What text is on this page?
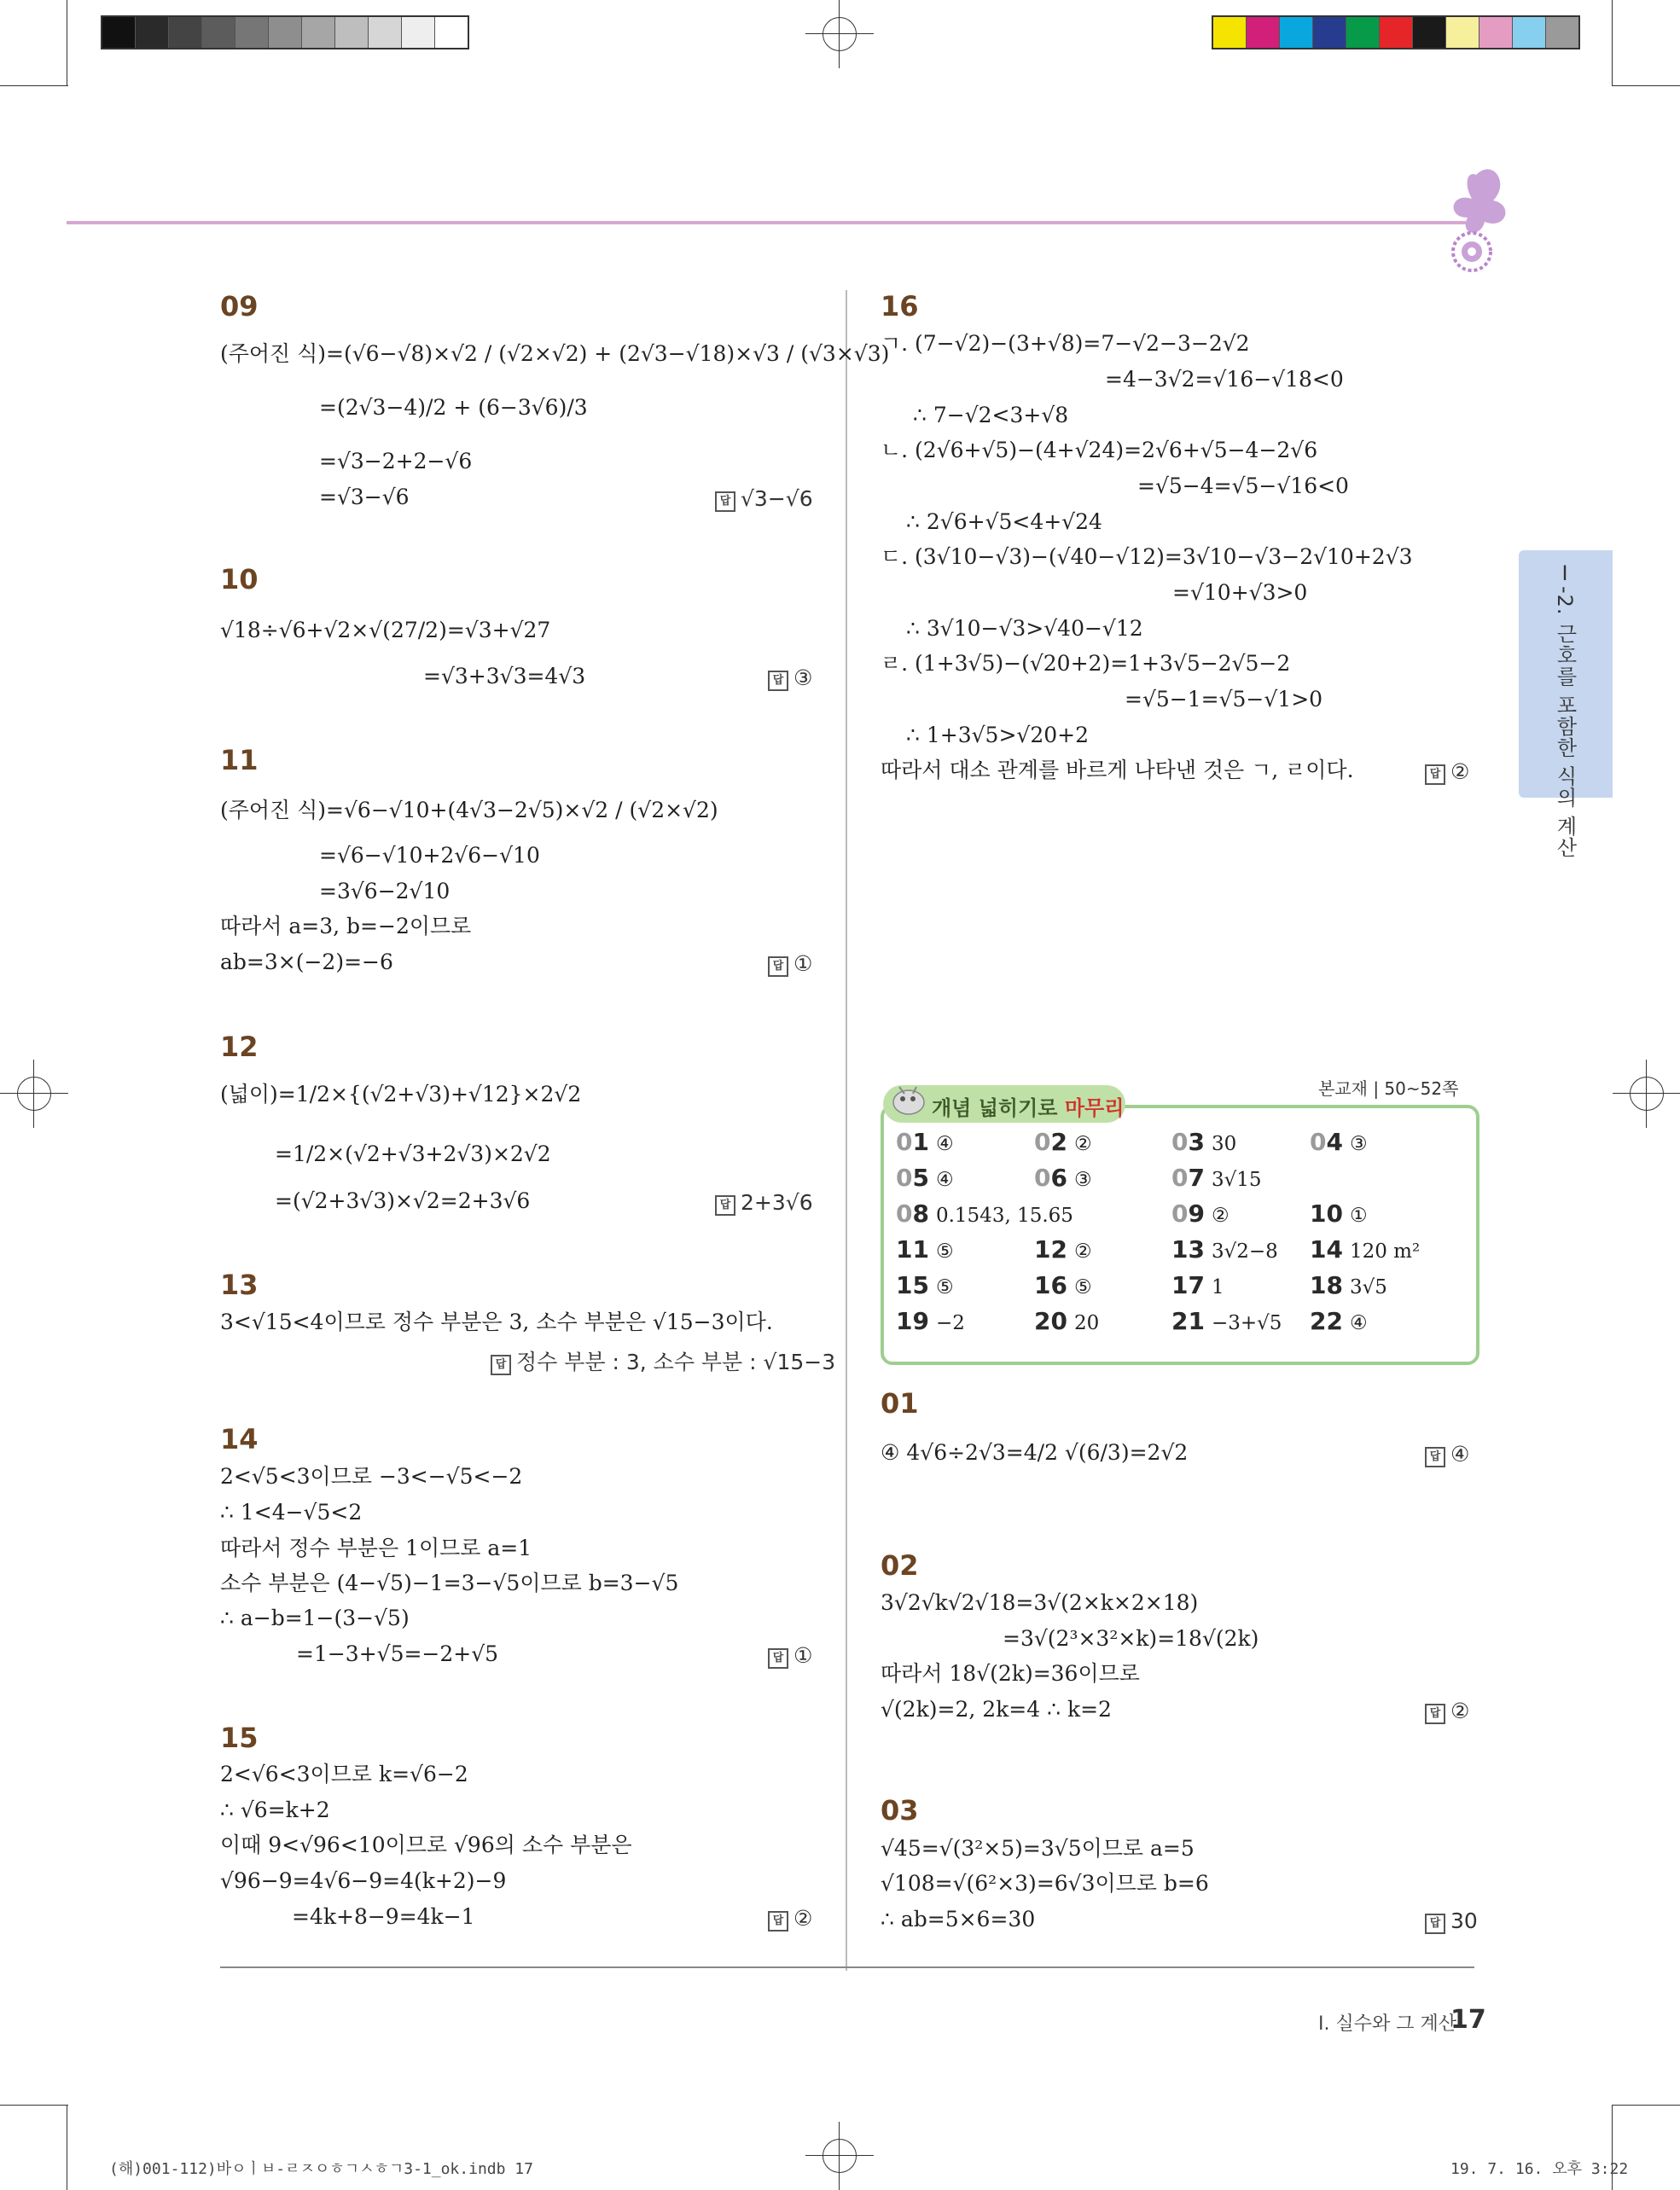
Ⅰ-2. 근호를 포함한 식의 계산
09
(주어진 식)=(√6−√8)×√2 / (√2×√2) + (2√3−√18)×√3 / (√3×√3)
=(2√3−4)/2 + (6−3√6)/3
=√3−2+2−√6
=√3−√6	답 √3−√6
10
√18÷√6+√2×√(27/2)=√3+√27
=√3+3√3=4√3	답 ③
11
(주어진 식)=√6−√10+(4√3−2√5)×√2 / (√2×√2)
=√6−√10+2√6−√10
=3√6−2√10
따라서 a=3, b=−2이므로
ab=3×(−2)=−6	답 ①
12
(넓이)=1/2×{(√2+√3)+√12}×2√2
=1/2×(√2+√3+2√3)×2√2
=(√2+3√3)×√2=2+3√6	답 2+3√6
13
3<√15<4이므로 정수 부분은 3, 소수 부분은 √15−3이다.
답 정수 부분 : 3, 소수 부분 : √15−3
14
2<√5<3이므로 −3<−√5<−2
∴ 1<4−√5<2
따라서 정수 부분은 1이므로 a=1
소수 부분은 (4−√5)−1=3−√5이므로 b=3−√5
∴ a−b=1−(3−√5)
=1−3+√5=−2+√5	답 ①
15
2<√6<3이므로 k=√6−2
∴ √6=k+2
이때 9<√96<10이므로 √96의 소수 부분은
√96−9=4√6−9=4(k+2)−9
=4k+8−9=4k−1	답 ②
16
ㄱ. (7−√2)−(3+√8)=7−√2−3−2√2
=4−3√2=√16−√18<0
∴ 7−√2<3+√8
ㄴ. (2√6+√5)−(4+√24)=2√6+√5−4−2√6
=√5−4=√5−√16<0
∴ 2√6+√5<4+√24
ㄷ. (3√10−√3)−(√40−√12)=3√10−√3−2√10+2√3
=√10+√3>0
∴ 3√10−√3>√40−√12
ㄹ. (1+3√5)−(√20+2)=1+3√5−2√5−2
=√5−1=√5−√1>0
∴ 1+3√5>√20+2
따라서 대소 관계를 바르게 나타낸 것은 ㄱ, ㄹ이다.	답 ②
본교재 | 50~52쪽
개념 넓히기로 마무리
01 ④	02 ②	03 30	04 ③
05 ④	06 ③	07 3√15
08 0.1543, 15.65	09 ②	10 ①
11 ⑤	12 ②	13 3√2−8 14 120 m²
15 ⑤	16 ⑤	17 1	18 3√5
19 −2	20 20	21 −3+√5 22 ④
01
④ 4√6÷2√3=4/2 √(6/3)=2√2	답 ④
02
3√2√k√2√18=3√(2×k×2×18)
=3√(2³×3²×k)=18√(2k)
따라서 18√(2k)=36이므로
√(2k)=2, 2k=4 ∴ k=2	답 ②
03
√45=√(3²×5)=3√5이므로 a=5
√108=√(6²×3)=6√3이므로 b=6
∴ ab=5×6=30	답 30
Ⅰ. 실수와 그 계산
17
(해)001-112)바ㅇㅣㅂ-ㄹㅈㅇㅎㄱㅅㅎㄱ3-1_ok.indb 17	19. 7. 16. 오후 3:22
